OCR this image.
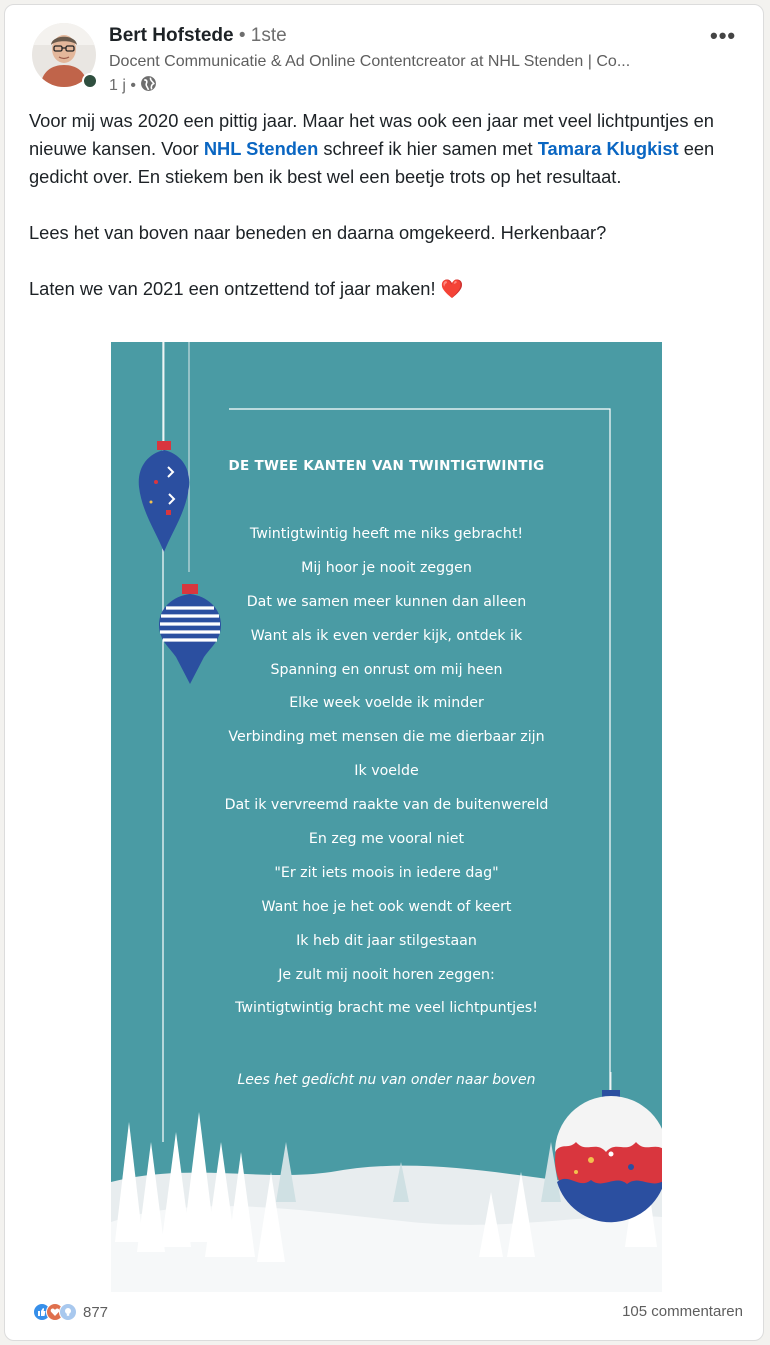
Bert Hofstede • 1ste
Docent Communicatie & Ad Online Contentcreator at NHL Stenden | Co...
1 j •
•••

Voor mij was 2020 een pittig jaar. Maar het was ook een jaar met veel lichtpuntjes en nieuwe kansen. Voor NHL Stenden schreef ik hier samen met Tamara Klugkist een gedicht over. En stiekem ben ik best wel een beetje trots op het resultaat.

Lees het van boven naar beneden en daarna omgekeerd. Herkenbaar?

Laten we van 2021 een ontzettend tof jaar maken! ❤️

DE TWEE KANTEN VAN TWINTIGTWINTIG
Twintigtwintig heeft me niks gebracht!
Mij hoor je nooit zeggen
Dat we samen meer kunnen dan alleen
Want als ik even verder kijk, ontdek ik
Spanning en onrust om mij heen
Elke week voelde ik minder
Verbinding met mensen die me dierbaar zijn
Ik voelde
Dat ik vervreemd raakte van de buitenwereld
En zeg me vooral niet
"Er zit iets moois in iedere dag"
Want hoe je het ook wendt of keert
Ik heb dit jaar stilgestaan
Je zult mij nooit horen zeggen:
Twintigtwintig bracht me veel lichtpuntjes!
Lees het gedicht nu van onder naar boven
877	105 commentaren
